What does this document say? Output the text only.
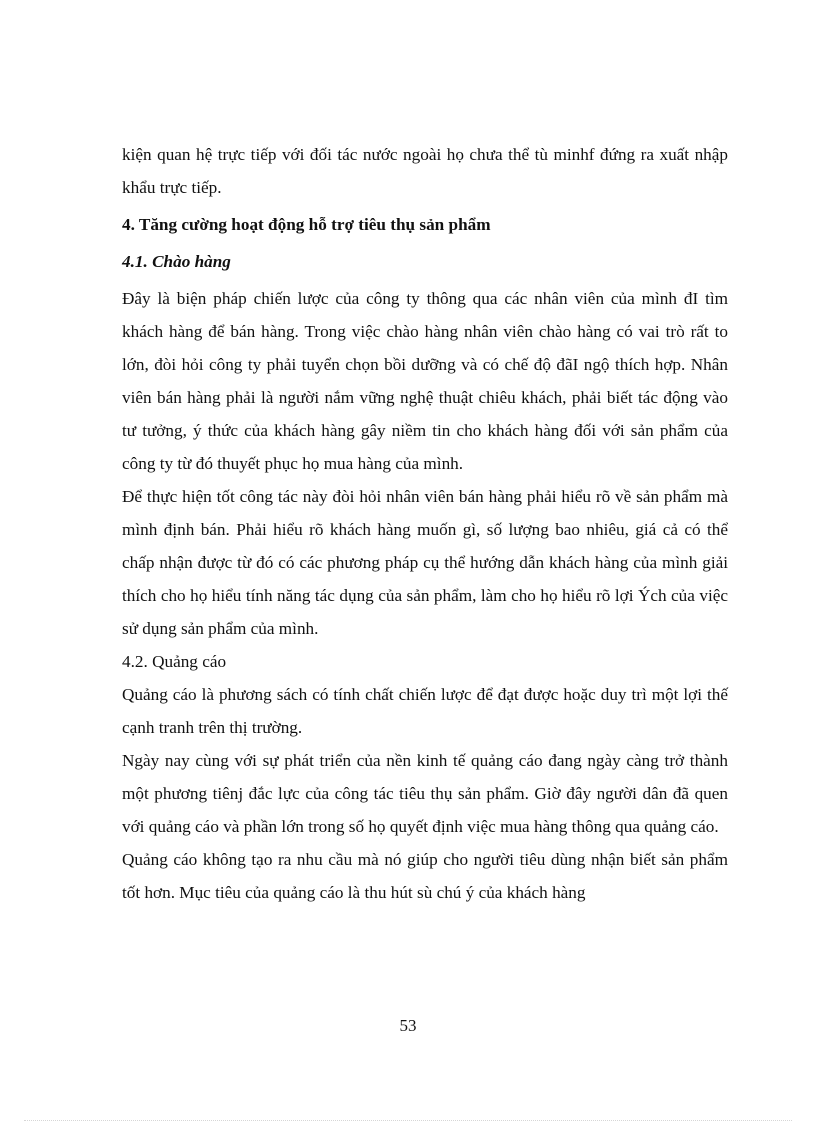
kiện quan hệ trực tiếp với đối tác nước ngoài họ chưa thể tù minhf đứng ra xuất nhập khẩu trực tiếp.

4. Tăng cường hoạt động hỗ trợ tiêu thụ sản phẩm

4.1. Chào hàng

Đây là biện pháp chiến lược của công ty thông qua các nhân viên của mình đI tìm khách hàng để bán hàng. Trong việc chào hàng nhân viên chào hàng có vai trò rất to lớn, đòi hỏi công ty phải tuyển chọn bồi dưỡng và có chế độ đãI ngộ thích hợp. Nhân viên bán hàng phải là người nắm vững nghệ thuật chiêu khách, phải biết tác động vào tư tưởng, ý thức của khách hàng gây niềm tin cho khách hàng đối với sản phẩm của công ty từ đó thuyết phục họ mua hàng của mình.

Để thực hiện tốt công tác này đòi hỏi nhân viên bán hàng phải hiểu rõ về sản phẩm mà mình định bán. Phải hiểu rõ khách hàng muốn gì, số lượng bao nhiêu, giá cả có thể chấp nhận được từ đó có các phương pháp cụ thể hướng dẫn khách hàng của mình giải thích cho họ hiểu tính năng tác dụng của sản phẩm, làm cho họ hiểu rõ lợi Ých của việc sử dụng sản phẩm của mình.

4.2. Quảng cáo

Quảng cáo là phương sách có tính chất chiến lược để đạt được hoặc duy trì một lợi thế cạnh tranh trên thị trường.

Ngày nay cùng với sự phát triển của nền kinh tế quảng cáo đang ngày càng trở thành một phương tiênj đắc lực của công tác tiêu thụ sản phẩm. Giờ đây người dân đã quen với quảng cáo và phần lớn trong số họ quyết định việc mua hàng thông qua quảng cáo.

Quảng cáo không tạo ra nhu cầu mà nó giúp cho người tiêu dùng nhận biết sản phẩm tốt hơn. Mục tiêu của quảng cáo là thu hút sù chú ý của khách hàng

53
